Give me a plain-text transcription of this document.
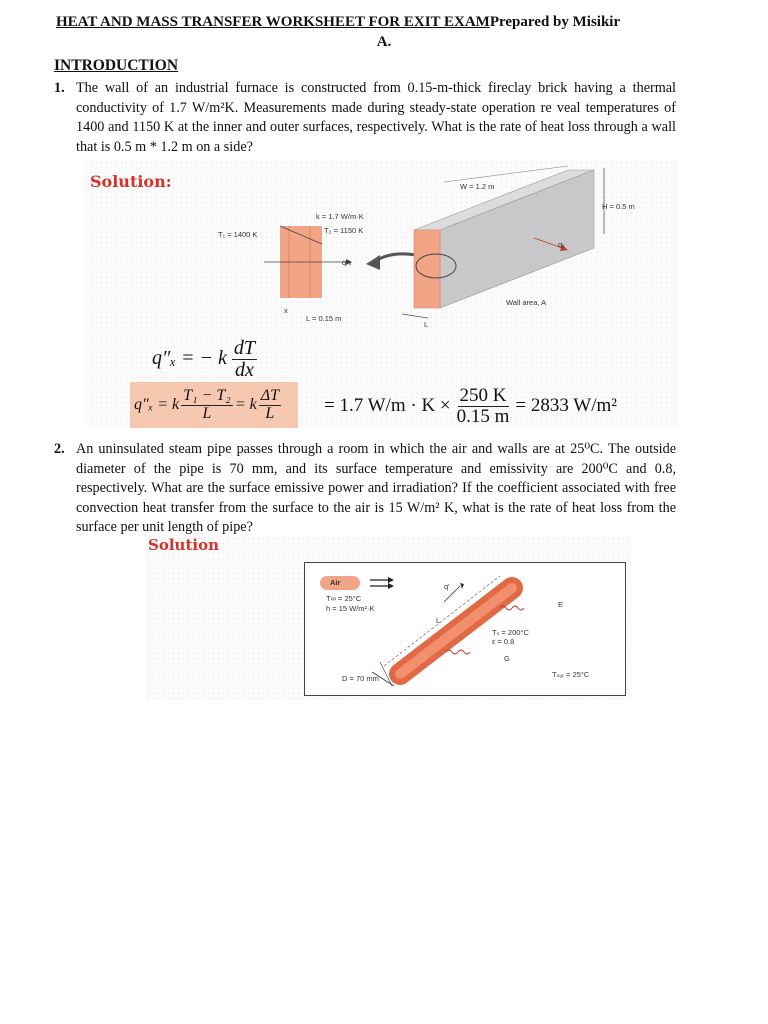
HEAT AND MASS TRANSFER WORKSHEET FOR EXIT EXAMPrepared by Misikir
A.
INTRODUCTION
1. The wall of an industrial furnace is constructed from 0.15-m-thick fireclay brick having a thermal conductivity of 1.7 W/m²K. Measurements made during steady-state operation re veal temperatures of 1400 and 1150 K at the inner and outer surfaces, respectively. What is the rate of heat loss through a wall that is 0.5 m * 1.2 m on a side?
Solution:
k = 1.7 W/m·K
T₂ = 1150 K
T₁ = 1400 K
q″ₓ
x
L = 0.15 m
W = 1.2 m
H = 0.5 m
qₓ
Wall area, A
L
q″ₓ = − k $\frac{dT}{dx}$
q″ₓ = k $\frac{\text{T₁ − T₂}}{L} = k \frac{\Delta T}{L} = 1.7$ $W/m \cdot K \times \frac{250 K}{0.15 m} = 2833$ W/m²
2. An uninsulated steam pipe passes through a room in which the air and walls are at 25⁰C. The outside diameter of the pipe is 70 mm, and its surface temperature and emissivity are 200⁰C and 0.8, respectively. What are the surface emissive power and irradiation? If the coefficient associated with free convection heat transfer from the surface to the air is 15 W/m² K, what is the rate of heat loss from the surface per unit length of pipe?
Solution
Air
T∞ = 25°C
h = 15 W/m²·K
q′
L
E
Tₛ = 200°C
ε = 0.8
G
D = 70 mm	Tₛᵤᵣ = 25°C
